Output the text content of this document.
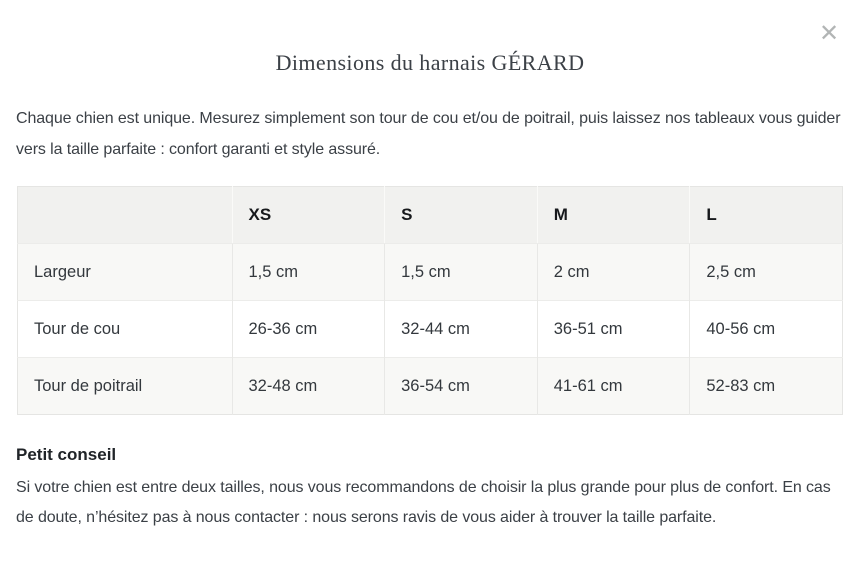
✕
Dimensions du harnais GÉRARD

Chaque chien est unique. Mesurez simplement son tour de cou et/ou de poitrail, puis laissez nos tableaux vous guider vers la taille parfaite : confort garanti et style assuré.

	XS	S	M	L
Largeur	1,5 cm	1,5 cm	2 cm	2,5 cm
Tour de cou	26-36 cm	32-44 cm	36-51 cm	40-56 cm
Tour de poitrail	32-48 cm	36-54 cm	41-61 cm	52-83 cm
Petit conseil

Si votre chien est entre deux tailles, nous vous recommandons de choisir la plus grande pour plus de confort. En cas de doute, n’hésitez pas à nous contacter : nous serons ravis de vous aider à trouver la taille parfaite.
